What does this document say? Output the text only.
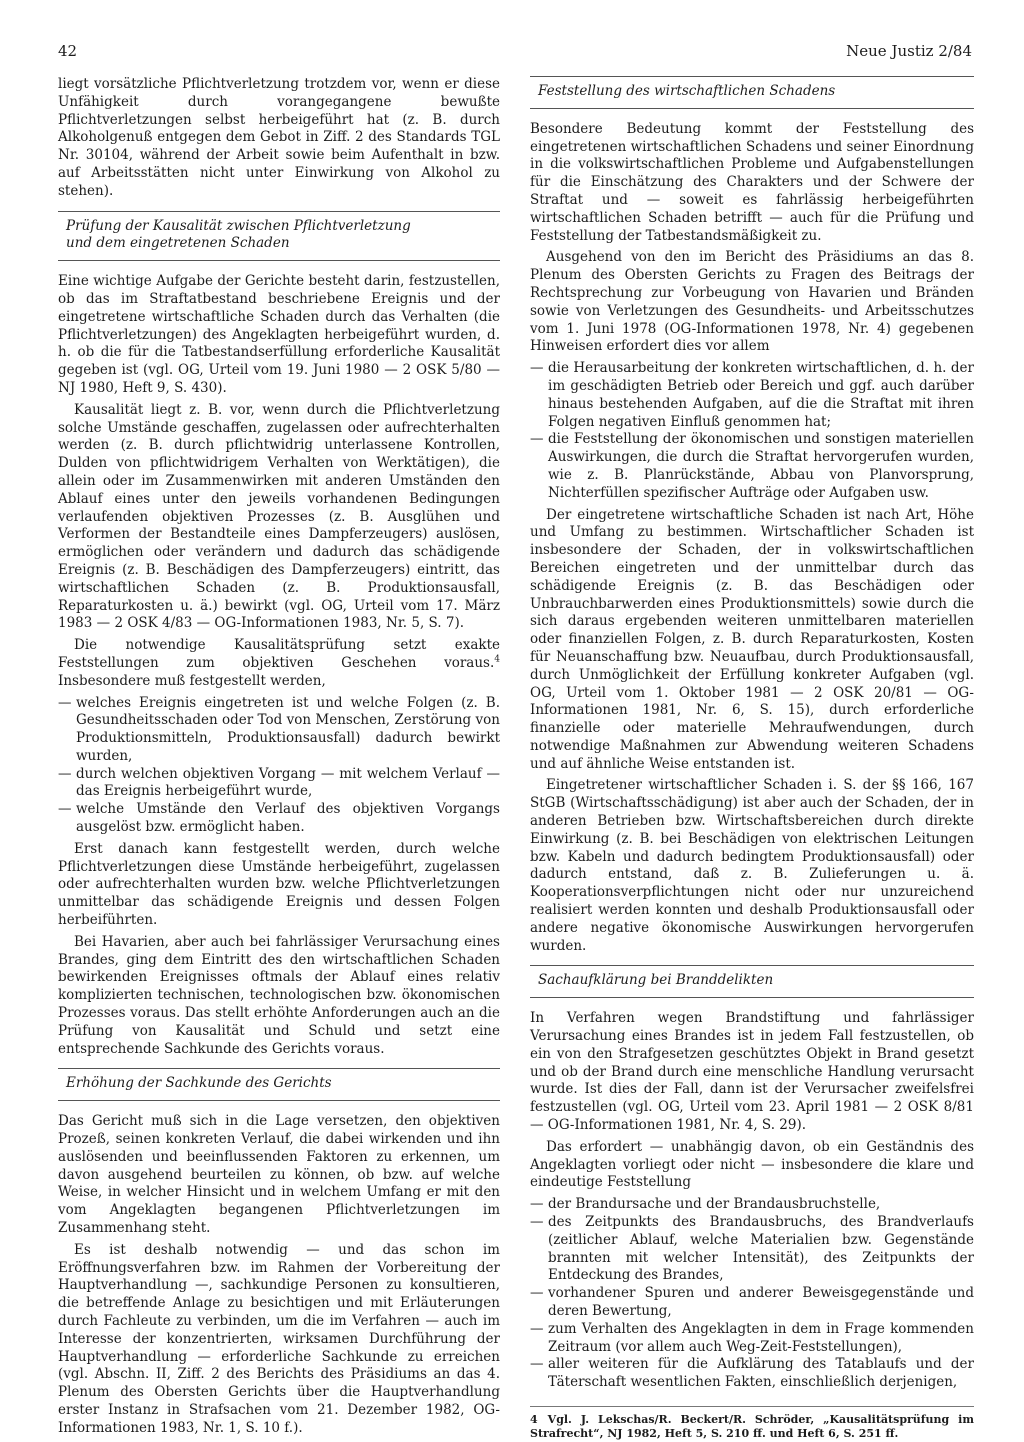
42	Neue Justiz 2/84

liegt vorsätzliche Pflichtverletzung trotzdem vor, wenn er diese Unfähigkeit durch vorangegangene bewußte Pflichtverletzungen selbst herbeigeführt hat (z. B. durch Alkoholgenuß entgegen dem Gebot in Ziff. 2 des Standards TGL Nr. 30104, während der Arbeit sowie beim Aufenthalt in bzw. auf Arbeitsstätten nicht unter Einwirkung von Alkohol zu stehen).

Prüfung der Kausalität zwischen Pflichtverletzung
und dem eingetretenen Schaden

Eine wichtige Aufgabe der Gerichte besteht darin, festzustellen, ob das im Straftatbestand beschriebene Ereignis und der eingetretene wirtschaftliche Schaden durch das Verhalten (die Pflichtverletzungen) des Angeklagten herbeigeführt wurden, d. h. ob die für die Tatbestandserfüllung erforderliche Kausalität gegeben ist (vgl. OG, Urteil vom 19. Juni 1980 — 2 OSK 5/80 — NJ 1980, Heft 9, S. 430).

Kausalität liegt z. B. vor, wenn durch die Pflichtverletzung solche Umstände geschaffen, zugelassen oder aufrechterhalten werden (z. B. durch pflichtwidrig unterlassene Kontrollen, Dulden von pflichtwidrigem Verhalten von Werktätigen), die allein oder im Zusammenwirken mit anderen Umständen den Ablauf eines unter den jeweils vorhandenen Bedingungen verlaufenden objektiven Prozesses (z. B. Ausglühen und Verformen der Bestandteile eines Dampferzeugers) auslösen, ermöglichen oder verändern und dadurch das schädigende Ereignis (z. B. Beschädigen des Dampferzeugers) eintritt, das wirtschaftlichen Schaden (z. B. Produktionsausfall, Reparaturkosten u. ä.) bewirkt (vgl. OG, Urteil vom 17. März 1983 — 2 OSK 4/83 — OG-Informationen 1983, Nr. 5, S. 7).

Die notwendige Kausalitätsprüfung setzt exakte Feststellungen zum objektiven Geschehen voraus.$^4$ Insbesondere muß festgestellt werden,

— welches Ereignis eingetreten ist und welche Folgen (z. B. Gesundheitsschaden oder Tod von Menschen, Zerstörung von Produktionsmitteln, Produktionsausfall) dadurch bewirkt wurden,
— durch welchen objektiven Vorgang — mit welchem Verlauf — das Ereignis herbeigeführt wurde,
— welche Umstände den Verlauf des objektiven Vorgangs ausgelöst bzw. ermöglicht haben.

Erst danach kann festgestellt werden, durch welche Pflichtverletzungen diese Umstände herbeigeführt, zugelassen oder aufrechterhalten wurden bzw. welche Pflichtverletzungen unmittelbar das schädigende Ereignis und dessen Folgen herbeiführten.

Bei Havarien, aber auch bei fahrlässiger Verursachung eines Brandes, ging dem Eintritt des den wirtschaftlichen Schaden bewirkenden Ereignisses oftmals der Ablauf eines relativ komplizierten technischen, technologischen bzw. ökonomischen Prozesses voraus. Das stellt erhöhte Anforderungen auch an die Prüfung von Kausalität und Schuld und setzt eine entsprechende Sachkunde des Gerichts voraus.

Erhöhung der Sachkunde des Gerichts

Das Gericht muß sich in die Lage versetzen, den objektiven Prozeß, seinen konkreten Verlauf, die dabei wirkenden und ihn auslösenden und beeinflussenden Faktoren zu erkennen, um davon ausgehend beurteilen zu können, ob bzw. auf welche Weise, in welcher Hinsicht und in welchem Umfang er mit den vom Angeklagten begangenen Pflichtverletzungen im Zusammenhang steht.

Es ist deshalb notwendig — und das schon im Eröffnungsverfahren bzw. im Rahmen der Vorbereitung der Hauptverhandlung —, sachkundige Personen zu konsultieren, die betreffende Anlage zu besichtigen und mit Erläuterungen durch Fachleute zu verbinden, um die im Verfahren — auch im Interesse der konzentrierten, wirksamen Durchführung der Hauptverhandlung — erforderliche Sachkunde zu erreichen (vgl. Abschn. II, Ziff. 2 des Berichts des Präsidiums an das 4. Plenum des Obersten Gerichts über die Hauptverhandlung erster Instanz in Strafsachen vom 21. Dezember 1982, OG-Informationen 1983, Nr. 1, S. 10 f.).

Feststellung des wirtschaftlichen Schadens

Besondere Bedeutung kommt der Feststellung des eingetretenen wirtschaftlichen Schadens und seiner Einordnung in die volkswirtschaftlichen Probleme und Aufgabenstellungen für die Einschätzung des Charakters und der Schwere der Straftat und — soweit es fahrlässig herbeigeführten wirtschaftlichen Schaden betrifft — auch für die Prüfung und Feststellung der Tatbestandsmäßigkeit zu.

Ausgehend von den im Bericht des Präsidiums an das 8. Plenum des Obersten Gerichts zu Fragen des Beitrags der Rechtsprechung zur Vorbeugung von Havarien und Bränden sowie von Verletzungen des Gesundheits- und Arbeitsschutzes vom 1. Juni 1978 (OG-Informationen 1978, Nr. 4) gegebenen Hinweisen erfordert dies vor allem

— die Herausarbeitung der konkreten wirtschaftlichen, d. h. der im geschädigten Betrieb oder Bereich und ggf. auch darüber hinaus bestehenden Aufgaben, auf die die Straftat mit ihren Folgen negativen Einfluß genommen hat;
— die Feststellung der ökonomischen und sonstigen materiellen Auswirkungen, die durch die Straftat hervorgerufen wurden, wie z. B. Planrückstände, Abbau von Planvorsprung, Nichterfüllen spezifischer Aufträge oder Aufgaben usw.

Der eingetretene wirtschaftliche Schaden ist nach Art, Höhe und Umfang zu bestimmen. Wirtschaftlicher Schaden ist insbesondere der Schaden, der in volkswirtschaftlichen Bereichen eingetreten und der unmittelbar durch das schädigende Ereignis (z. B. das Beschädigen oder Unbrauchbarwerden eines Produktionsmittels) sowie durch die sich daraus ergebenden weiteren unmittelbaren materiellen oder finanziellen Folgen, z. B. durch Reparaturkosten, Kosten für Neuanschaffung bzw. Neuaufbau, durch Produktionsausfall, durch Unmöglichkeit der Erfüllung konkreter Aufgaben (vgl. OG, Urteil vom 1. Oktober 1981 — 2 OSK 20/81 — OG-Informationen 1981, Nr. 6, S. 15), durch erforderliche finanzielle oder materielle Mehraufwendungen, durch notwendige Maßnahmen zur Abwendung weiteren Schadens und auf ähnliche Weise entstanden ist.

Eingetretener wirtschaftlicher Schaden i. S. der §§ 166, 167 StGB (Wirtschaftsschädigung) ist aber auch der Schaden, der in anderen Betrieben bzw. Wirtschaftsbereichen durch direkte Einwirkung (z. B. bei Beschädigen von elektrischen Leitungen bzw. Kabeln und dadurch bedingtem Produktionsausfall) oder dadurch entstand, daß z. B. Zulieferungen u. ä. Kooperationsverpflichtungen nicht oder nur unzureichend realisiert werden konnten und deshalb Produktionsausfall oder andere negative ökonomische Auswirkungen hervorgerufen wurden.

Sachaufklärung bei Branddelikten

In Verfahren wegen Brandstiftung und fahrlässiger Verursachung eines Brandes ist in jedem Fall festzustellen, ob ein von den Strafgesetzen geschütztes Objekt in Brand gesetzt und ob der Brand durch eine menschliche Handlung verursacht wurde. Ist dies der Fall, dann ist der Verursacher zweifelsfrei festzustellen (vgl. OG, Urteil vom 23. April 1981 — 2 OSK 8/81 — OG-Informationen 1981, Nr. 4, S. 29).

Das erfordert — unabhängig davon, ob ein Geständnis des Angeklagten vorliegt oder nicht — insbesondere die klare und eindeutige Feststellung

— der Brandursache und der Brandausbruchstelle,
— des Zeitpunkts des Brandausbruchs, des Brandverlaufs (zeitlicher Ablauf, welche Materialien bzw. Gegenstände brannten mit welcher Intensität), des Zeitpunkts der Entdeckung des Brandes,
— vorhandener Spuren und anderer Beweisgegenstände und deren Bewertung,
— zum Verhalten des Angeklagten in dem in Frage kommenden Zeitraum (vor allem auch Weg-Zeit-Feststellungen),
— aller weiteren für die Aufklärung des Tatablaufs und der Täterschaft wesentlichen Fakten, einschließlich derjenigen,
4 Vgl. J. Lekschas/R. Beckert/R. Schröder, „Kausalitätsprüfung im Strafrecht“, NJ 1982, Heft 5, S. 210 ff. und Heft 6, S. 251 ff.
